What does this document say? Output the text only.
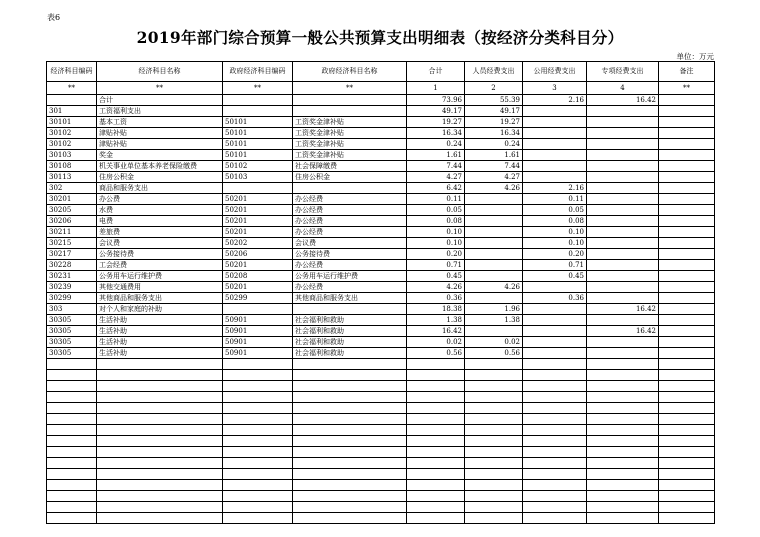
表6
2019年部门综合预算一般公共预算支出明细表（按经济分类科目分）
单位：万元
经济科目编码	经济科目名称	政府经济科目编码	政府经济科目名称	合计	人员经费支出	公用经费支出	专项经费支出	备注
**	**	**	**	1	2	3	4	**
	合计			73.96	55.39	2.16	16.42	
301	工资福利支出			49.17	49.17			
30101	基本工资	50101	工资奖金津补贴	19.27	19.27			
30102	津贴补贴	50101	工资奖金津补贴	16.34	16.34			
30102	津贴补贴	50101	工资奖金津补贴	0.24	0.24			
30103	奖金	50101	工资奖金津补贴	1.61	1.61			
30108	机关事业单位基本养老保险缴费	50102	社会保障缴费	7.44	7.44			
30113	住房公积金	50103	住房公积金	4.27	4.27			
302	商品和服务支出			6.42	4.26	2.16		
30201	办公费	50201	办公经费	0.11		0.11		
30205	水费	50201	办公经费	0.05		0.05		
30206	电费	50201	办公经费	0.08		0.08		
30211	差旅费	50201	办公经费	0.10		0.10		
30215	会议费	50202	会议费	0.10		0.10		
30217	公务接待费	50206	公务接待费	0.20		0.20		
30228	工会经费	50201	办公经费	0.71		0.71		
30231	公务用车运行维护费	50208	公务用车运行维护费	0.45		0.45		
30239	其他交通费用	50201	办公经费	4.26	4.26			
30299	其他商品和服务支出	50299	其他商品和服务支出	0.36		0.36		
303	对个人和家庭的补助			18.38	1.96		16.42	
30305	生活补助	50901	社会福利和救助	1.38	1.38			
30305	生活补助	50901	社会福利和救助	16.42			16.42	
30305	生活补助	50901	社会福利和救助	0.02	0.02			
30305	生活补助	50901	社会福利和救助	0.56	0.56			
